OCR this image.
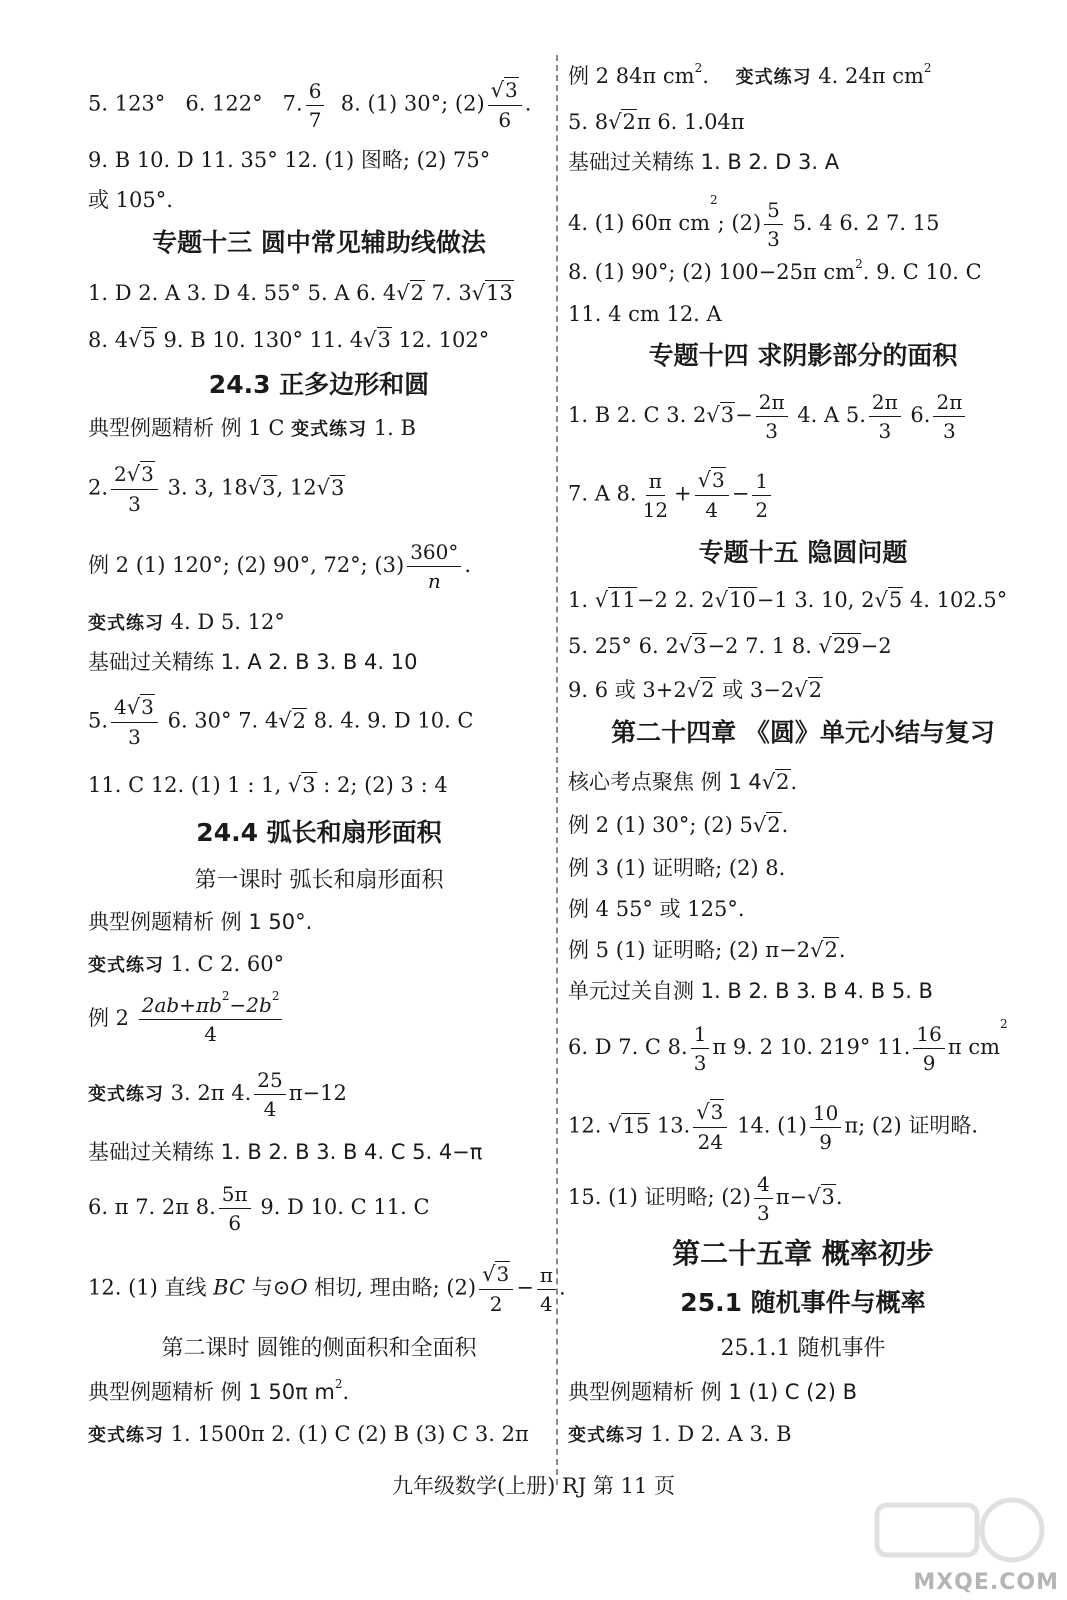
5. 123° 6. 122° 7. $\frac{6}{7} 8$. (1) 30°; $(2) \frac{√3}{6}$ .
9. B 10. D 11. 35° 12. (1) 图略; (2) 75°
或 105°.
专题十三 圆中常见辅助线做法
1. D 2. A 3. D 4. 55° 5. A 6. 4√2 7. 3√13
8. 4√5 9. B 10. 130° 11. 4√3 12. 102°
24.3 正多边形和圆
典型例题精析 例 1 C 变式练习 1. B
2. $\frac{2√3}{3} 3$. 3, 18√3, 12√3
例 2 (1) 120°; (2) 90°, 72°; $(3) \frac{360^\circ}{n}$ .
变式练习 4. D 5. 12°
基础过关精练 1. A 2. B 3. B 4. 10
5. $\frac{4√3}{3} 6$. 30° 7. 4√2 8. 4. 9. D 10. C
11. C 12. (1) 1 : 1, √3 : 2; (2) 3 : 4
24.4 弧长和扇形面积
第一课时 弧长和扇形面积
典型例题精析 例 1 50°.
变式练习 1. C 2. 60°
例 $2 \frac{2ab+\pi b^2-2b^2}{4}$
变式练习 3. 2π 4. $\frac{25}{4} \pi-12$
基础过关精练 1. B 2. B 3. B 4. C 5. 4−π
6. π 7. 2π 8. $\frac{5\pi}{6} 9$. D 10. C 11. C
12. (1) 直线 BC 与⊙O 相切, 理由略; $(2) \frac{√3}{2} - \frac{\pi}{4}$ .
第二课时 圆锥的侧面积和全面积
典型例题精析 例 1 50π $m^2$.
变式练习 1. 1500π 2. (1) C (2) B (3) C 3. 2π
例 2 84π $cm^2$. 变式练习 4. 24π $cm^2$
5. 8√2π 6. 1.04π
基础过关精练 1. B 2. D 3. A
4. (1) 60π $cm^2$; $(2) \frac{5}{3} 5$. 4 6. 2 7. 15
8. (1) 90°; (2) 100−25π $cm^2$. 9. C 10. C
11. 4 cm 12. A
专题十四 求阴影部分的面积
1. B 2. C 3. $2√3- \frac{2\pi}{3} 4$. A 5. $\frac{2\pi}{3} 6$. $\frac{2\pi}{3}$
7. A 8. $\frac{\pi}{12} + \frac{√3}{4} - \frac{1}{2}$
专题十五 隐圆问题
1. √11−2 2. 2√10−1 3. 10, 2√5 4. 102.5°
5. 25° 6. 2√3−2 7. 1 8. √29−2
9. 6 或 3+2√2 或 3−2√2
第二十四章 《圆》单元小结与复习
核心考点聚焦 例 1 4√2.
例 2 (1) 30°; (2) 5√2.
例 3 (1) 证明略; (2) 8.
例 4 55° 或 125°.
例 5 (1) 证明略; (2) π−2√2.
单元过关自测 1. B 2. B 3. B 4. B 5. B
6. D 7. C 8. $\frac{1}{3}$ π 9. 2 10. 219° 11. $\frac{16}{9}$ π $cm^2$
12. √15 13. $\frac{√3}{24} 14$. $(1) \frac{10}{9} \pi$; (2) 证明略.
15. (1) 证明略; $(2) \frac{4}{3} \pi-√3$.
第二十五章 概率初步
25.1 随机事件与概率
25.1.1 随机事件
典型例题精析 例 1 (1) C (2) B
变式练习 1. D 2. A 3. B
九年级数学(上册) RJ 第 11 页
MXQE.COM
